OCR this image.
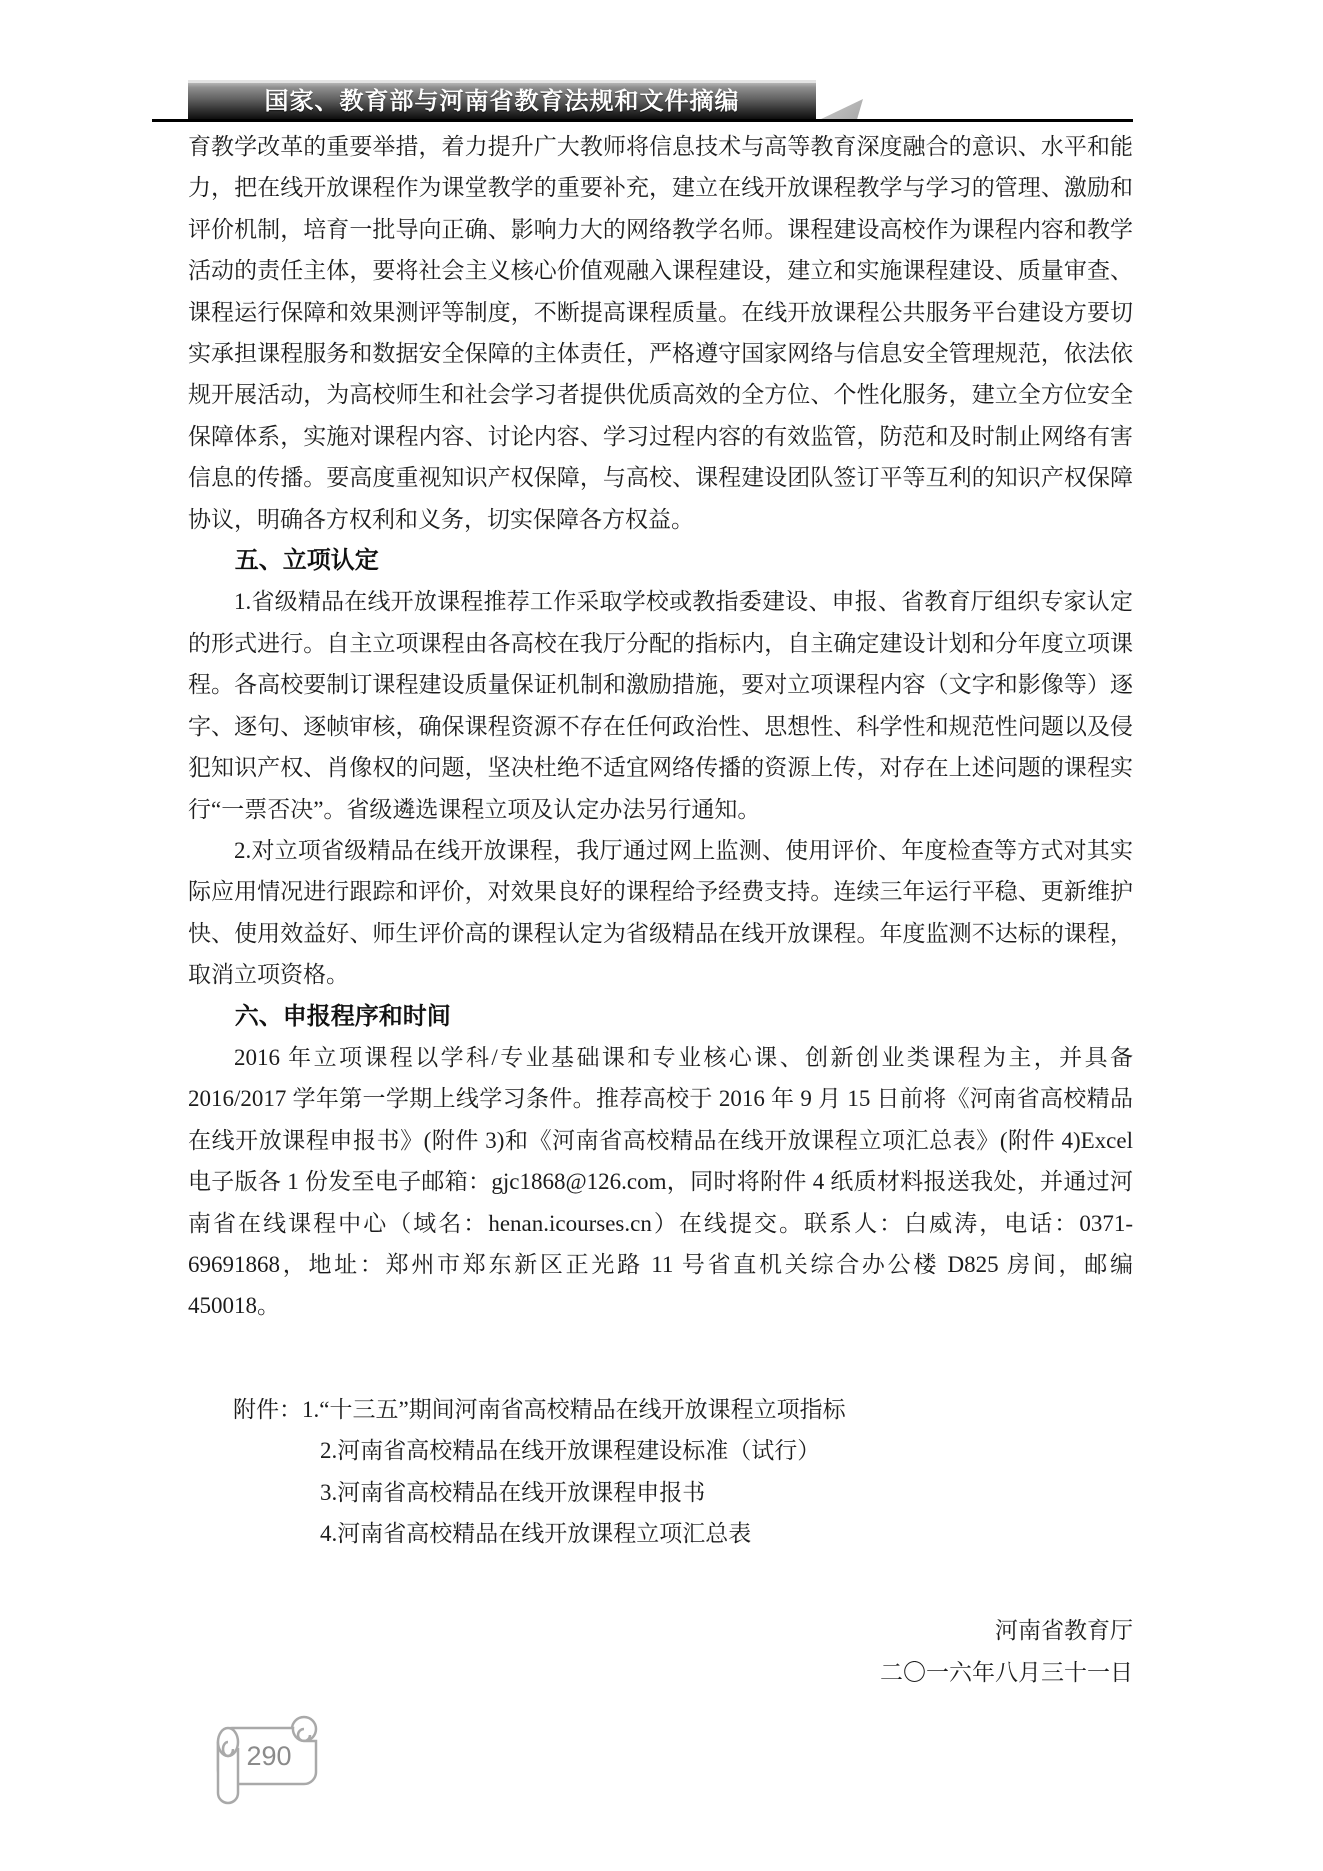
国家、教育部与河南省教育法规和文件摘编

育教学改革的重要举措，着力提升广大教师将信息技术与高等教育深度融合的意识、水平和能力，把在线开放课程作为课堂教学的重要补充，建立在线开放课程教学与学习的管理、激励和评价机制，培育一批导向正确、影响力大的网络教学名师。课程建设高校作为课程内容和教学活动的责任主体，要将社会主义核心价值观融入课程建设，建立和实施课程建设、质量审查、课程运行保障和效果测评等制度，不断提高课程质量。在线开放课程公共服务平台建设方要切实承担课程服务和数据安全保障的主体责任，严格遵守国家网络与信息安全管理规范，依法依规开展活动，为高校师生和社会学习者提供优质高效的全方位、个性化服务，建立全方位安全保障体系，实施对课程内容、讨论内容、学习过程内容的有效监管，防范和及时制止网络有害信息的传播。要高度重视知识产权保障，与高校、课程建设团队签订平等互利的知识产权保障协议，明确各方权利和义务，切实保障各方权益。

五、立项认定

1.省级精品在线开放课程推荐工作采取学校或教指委建设、申报、省教育厅组织专家认定的形式进行。自主立项课程由各高校在我厅分配的指标内，自主确定建设计划和分年度立项课程。各高校要制订课程建设质量保证机制和激励措施，要对立项课程内容（文字和影像等）逐字、逐句、逐帧审核，确保课程资源不存在任何政治性、思想性、科学性和规范性问题以及侵犯知识产权、肖像权的问题，坚决杜绝不适宜网络传播的资源上传，对存在上述问题的课程实行“一票否决”。省级遴选课程立项及认定办法另行通知。

2.对立项省级精品在线开放课程，我厅通过网上监测、使用评价、年度检查等方式对其实际应用情况进行跟踪和评价，对效果良好的课程给予经费支持。连续三年运行平稳、更新维护快、使用效益好、师生评价高的课程认定为省级精品在线开放课程。年度监测不达标的课程，取消立项资格。

六、申报程序和时间

2016 年立项课程以学科/专业基础课和专业核心课、创新创业类课程为主，并具备 2016/2017 学年第一学期上线学习条件。推荐高校于 2016 年 9 月 15 日前将《河南省高校精品在线开放课程申报书》(附件 3)和《河南省高校精品在线开放课程立项汇总表》(附件 4)Excel 电子版各 1 份发至电子邮箱：gjc1868@126.com，同时将附件 4 纸质材料报送我处，并通过河南省在线课程中心（域名：henan.icourses.cn）在线提交。联系人：白威涛，电话：0371-69691868，地址：郑州市郑东新区正光路 11 号省直机关综合办公楼 D825 房间，邮编 450018。

附件：1.“十三五”期间河南省高校精品在线开放课程立项指标

2.河南省高校精品在线开放课程建设标准（试行）

3.河南省高校精品在线开放课程申报书

4.河南省高校精品在线开放课程立项汇总表

河南省教育厅

二〇一六年八月三十一日

290
